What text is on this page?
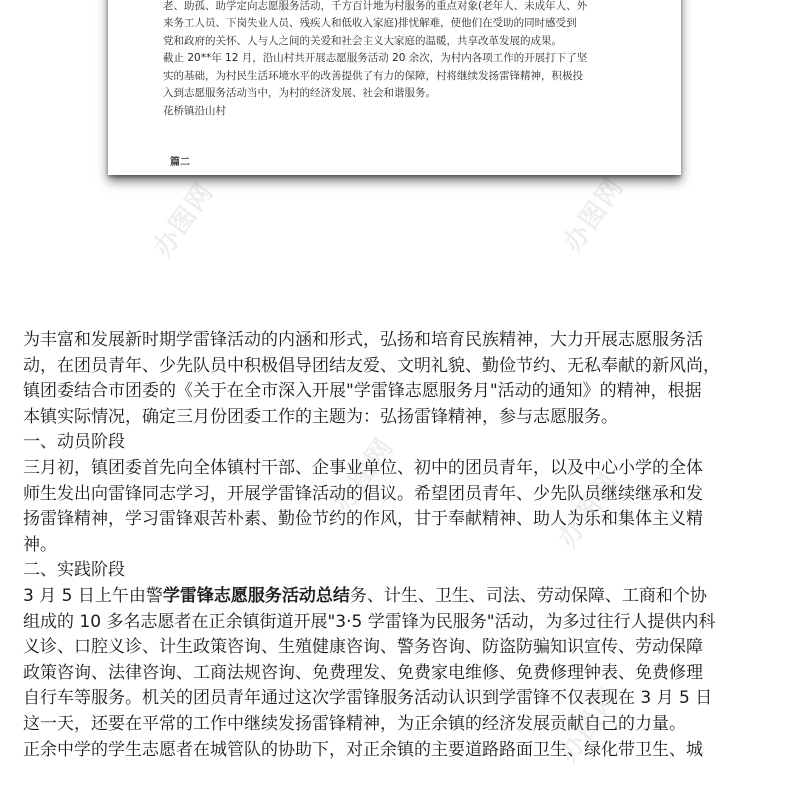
老、助孤、助学定向志愿服务活动，千方百计地为村服务的重点对象(老年人、未成年人、外

来务工人员、下岗失业人员、残疾人和低收入家庭)排忧解难，使他们在受助的同时感受到

党和政府的关怀、人与人之间的关爱和社会主义大家庭的温暖，共享改革发展的成果。

截止 20**年 12 月，沿山村共开展志愿服务活动 20 余次，为村内各项工作的开展打下了坚

实的基础，为村民生活环境水平的改善提供了有力的保障，村将继续发扬雷锋精神，积极投

入到志愿服务活动当中，为村的经济发展、社会和谐服务。

花桥镇沿山村

篇二
办图网	办图网
办图网	办图网
办图网

为丰富和发展新时期学雷锋活动的内涵和形式，弘扬和培育民族精神，大力开展志愿服务活

动，在团员青年、少先队员中积极倡导团结友爱、文明礼貌、勤俭节约、无私奉献的新风尚，

镇团委结合市团委的《关于在全市深入开展"学雷锋志愿服务月"活动的通知》的精神，根据

本镇实际情况，确定三月份团委工作的主题为：弘扬雷锋精神，参与志愿服务。

一、动员阶段

三月初，镇团委首先向全体镇村干部、企事业单位、初中的团员青年，以及中心小学的全体

师生发出向雷锋同志学习，开展学雷锋活动的倡议。希望团员青年、少先队员继续继承和发

扬雷锋精神，学习雷锋艰苦朴素、勤俭节约的作风，甘于奉献精神、助人为乐和集体主义精

神。

二、实践阶段

3 月 5 日上午由警学雷锋志愿服务活动总结务、计生、卫生、司法、劳动保障、工商和个协

组成的 10 多名志愿者在正余镇街道开展"3·5 学雷锋为民服务"活动，为多过往行人提供内科

义诊、口腔义诊、计生政策咨询、生殖健康咨询、警务咨询、防盗防骗知识宣传、劳动保障

政策咨询、法律咨询、工商法规咨询、免费理发、免费家电维修、免费修理钟表、免费修理

自行车等服务。机关的团员青年通过这次学雷锋服务活动认识到学雷锋不仅表现在 3 月 5 日

这一天，还要在平常的工作中继续发扬雷锋精神，为正余镇的经济发展贡献自己的力量。

正余中学的学生志愿者在城管队的协助下，对正余镇的主要道路路面卫生、绿化带卫生、城
